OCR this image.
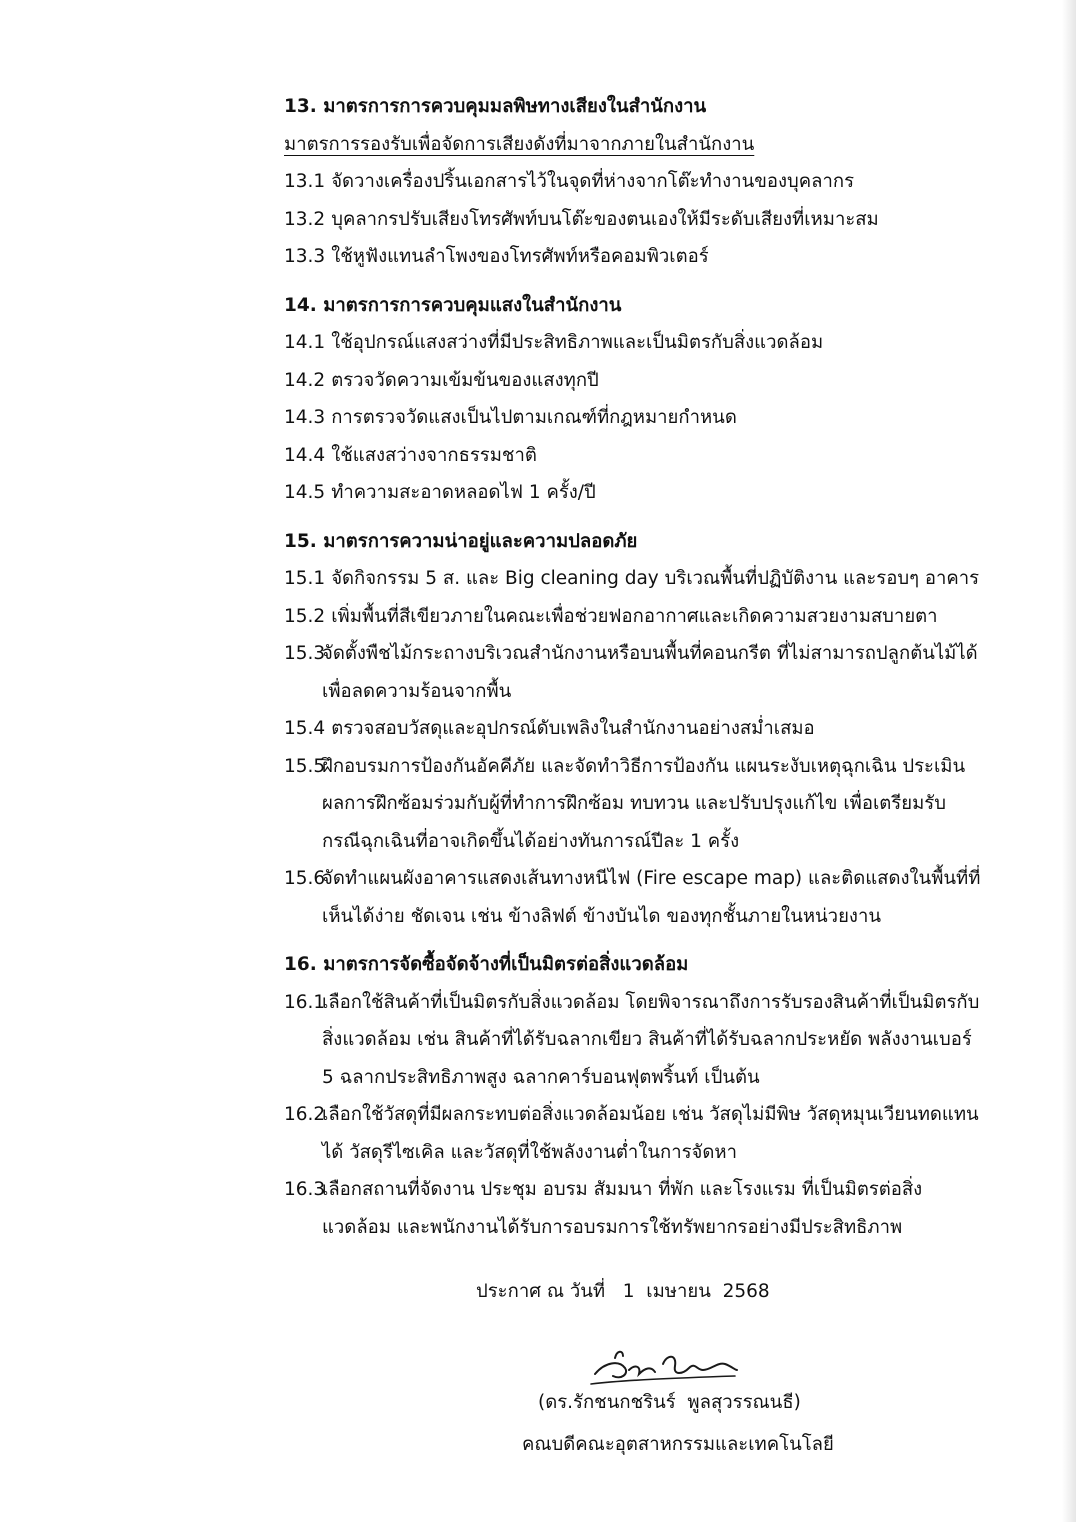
13. มาตรการการควบคุมมลพิษทางเสียงในสำนักงาน
มาตรการรองรับเพื่อจัดการเสียงดังที่มาจากภายในสำนักงาน
13.1 จัดวางเครื่องปริ้นเอกสารไว้ในจุดที่ห่างจากโต๊ะทำงานของบุคลากร
13.2 บุคลากรปรับเสียงโทรศัพท์บนโต๊ะของตนเองให้มีระดับเสียงที่เหมาะสม
13.3 ใช้หูฟังแทนลำโพงของโทรศัพท์หรือคอมพิวเตอร์
14. มาตรการการควบคุมแสงในสำนักงาน
14.1 ใช้อุปกรณ์แสงสว่างที่มีประสิทธิภาพและเป็นมิตรกับสิ่งแวดล้อม
14.2 ตรวจวัดความเข้มข้นของแสงทุกปี
14.3 การตรวจวัดแสงเป็นไปตามเกณฑ์ที่กฎหมายกำหนด
14.4 ใช้แสงสว่างจากธรรมชาติ
14.5 ทำความสะอาดหลอดไฟ 1 ครั้ง/ปี
15. มาตรการความน่าอยู่และความปลอดภัย
15.1 จัดกิจกรรม 5 ส. และ Big cleaning day บริเวณพื้นที่ปฏิบัติงาน และรอบๆ อาคาร
15.2 เพิ่มพื้นที่สีเขียวภายในคณะเพื่อช่วยฟอกอากาศและเกิดความสวยงามสบายตา
15.3
จัดตั้งพืชไม้กระถางบริเวณสำนักงานหรือบนพื้นที่คอนกรีต ที่ไม่สามารถปลูกต้นไม้ได้ เพื่อลดความร้อนจากพื้น
15.4 ตรวจสอบวัสดุและอุปกรณ์ดับเพลิงในสำนักงานอย่างสม่ำเสมอ
15.5
ฝึกอบรมการป้องกันอัคคีภัย และจัดทำวิธีการป้องกัน แผนระงับเหตุฉุกเฉิน ประเมินผลการฝึกซ้อมร่วมกับผู้ที่ทำการฝึกซ้อม ทบทวน และปรับปรุงแก้ไข เพื่อเตรียมรับกรณีฉุกเฉินที่อาจเกิดขึ้นได้อย่างทันการณ์ปีละ 1 ครั้ง
15.6
จัดทำแผนผังอาคารแสดงเส้นทางหนีไฟ (Fire escape map) และติดแสดงในพื้นที่ที่เห็นได้ง่าย ชัดเจน เช่น ข้างลิฟต์ ข้างบันได ของทุกชั้นภายในหน่วยงาน
16. มาตรการจัดซื้อจัดจ้างที่เป็นมิตรต่อสิ่งแวดล้อม
16.1
เลือกใช้สินค้าที่เป็นมิตรกับสิ่งแวดล้อม โดยพิจารณาถึงการรับรองสินค้าที่เป็นมิตรกับสิ่งแวดล้อม เช่น สินค้าที่ได้รับฉลากเขียว สินค้าที่ได้รับฉลากประหยัด พลังงานเบอร์ 5 ฉลากประสิทธิภาพสูง ฉลากคาร์บอนฟุตพริ้นท์ เป็นต้น
16.2
เลือกใช้วัสดุที่มีผลกระทบต่อสิ่งแวดล้อมน้อย เช่น วัสดุไม่มีพิษ วัสดุหมุนเวียนทดแทนได้ วัสดุรีไซเคิล และวัสดุที่ใช้พลังงานต่ำในการจัดหา
16.3
เลือกสถานที่จัดงาน ประชุม อบรม สัมมนา ที่พัก และโรงแรม ที่เป็นมิตรต่อสิ่งแวดล้อม และพนักงานได้รับการอบรมการใช้ทรัพยากรอย่างมีประสิทธิภาพ
ประกาศ ณ วันที่   1  เมษายน  2568
(ดร.รักชนกชรินร์  พูลสุวรรณนธี)
คณบดีคณะอุตสาหกรรมและเทคโนโลยี
